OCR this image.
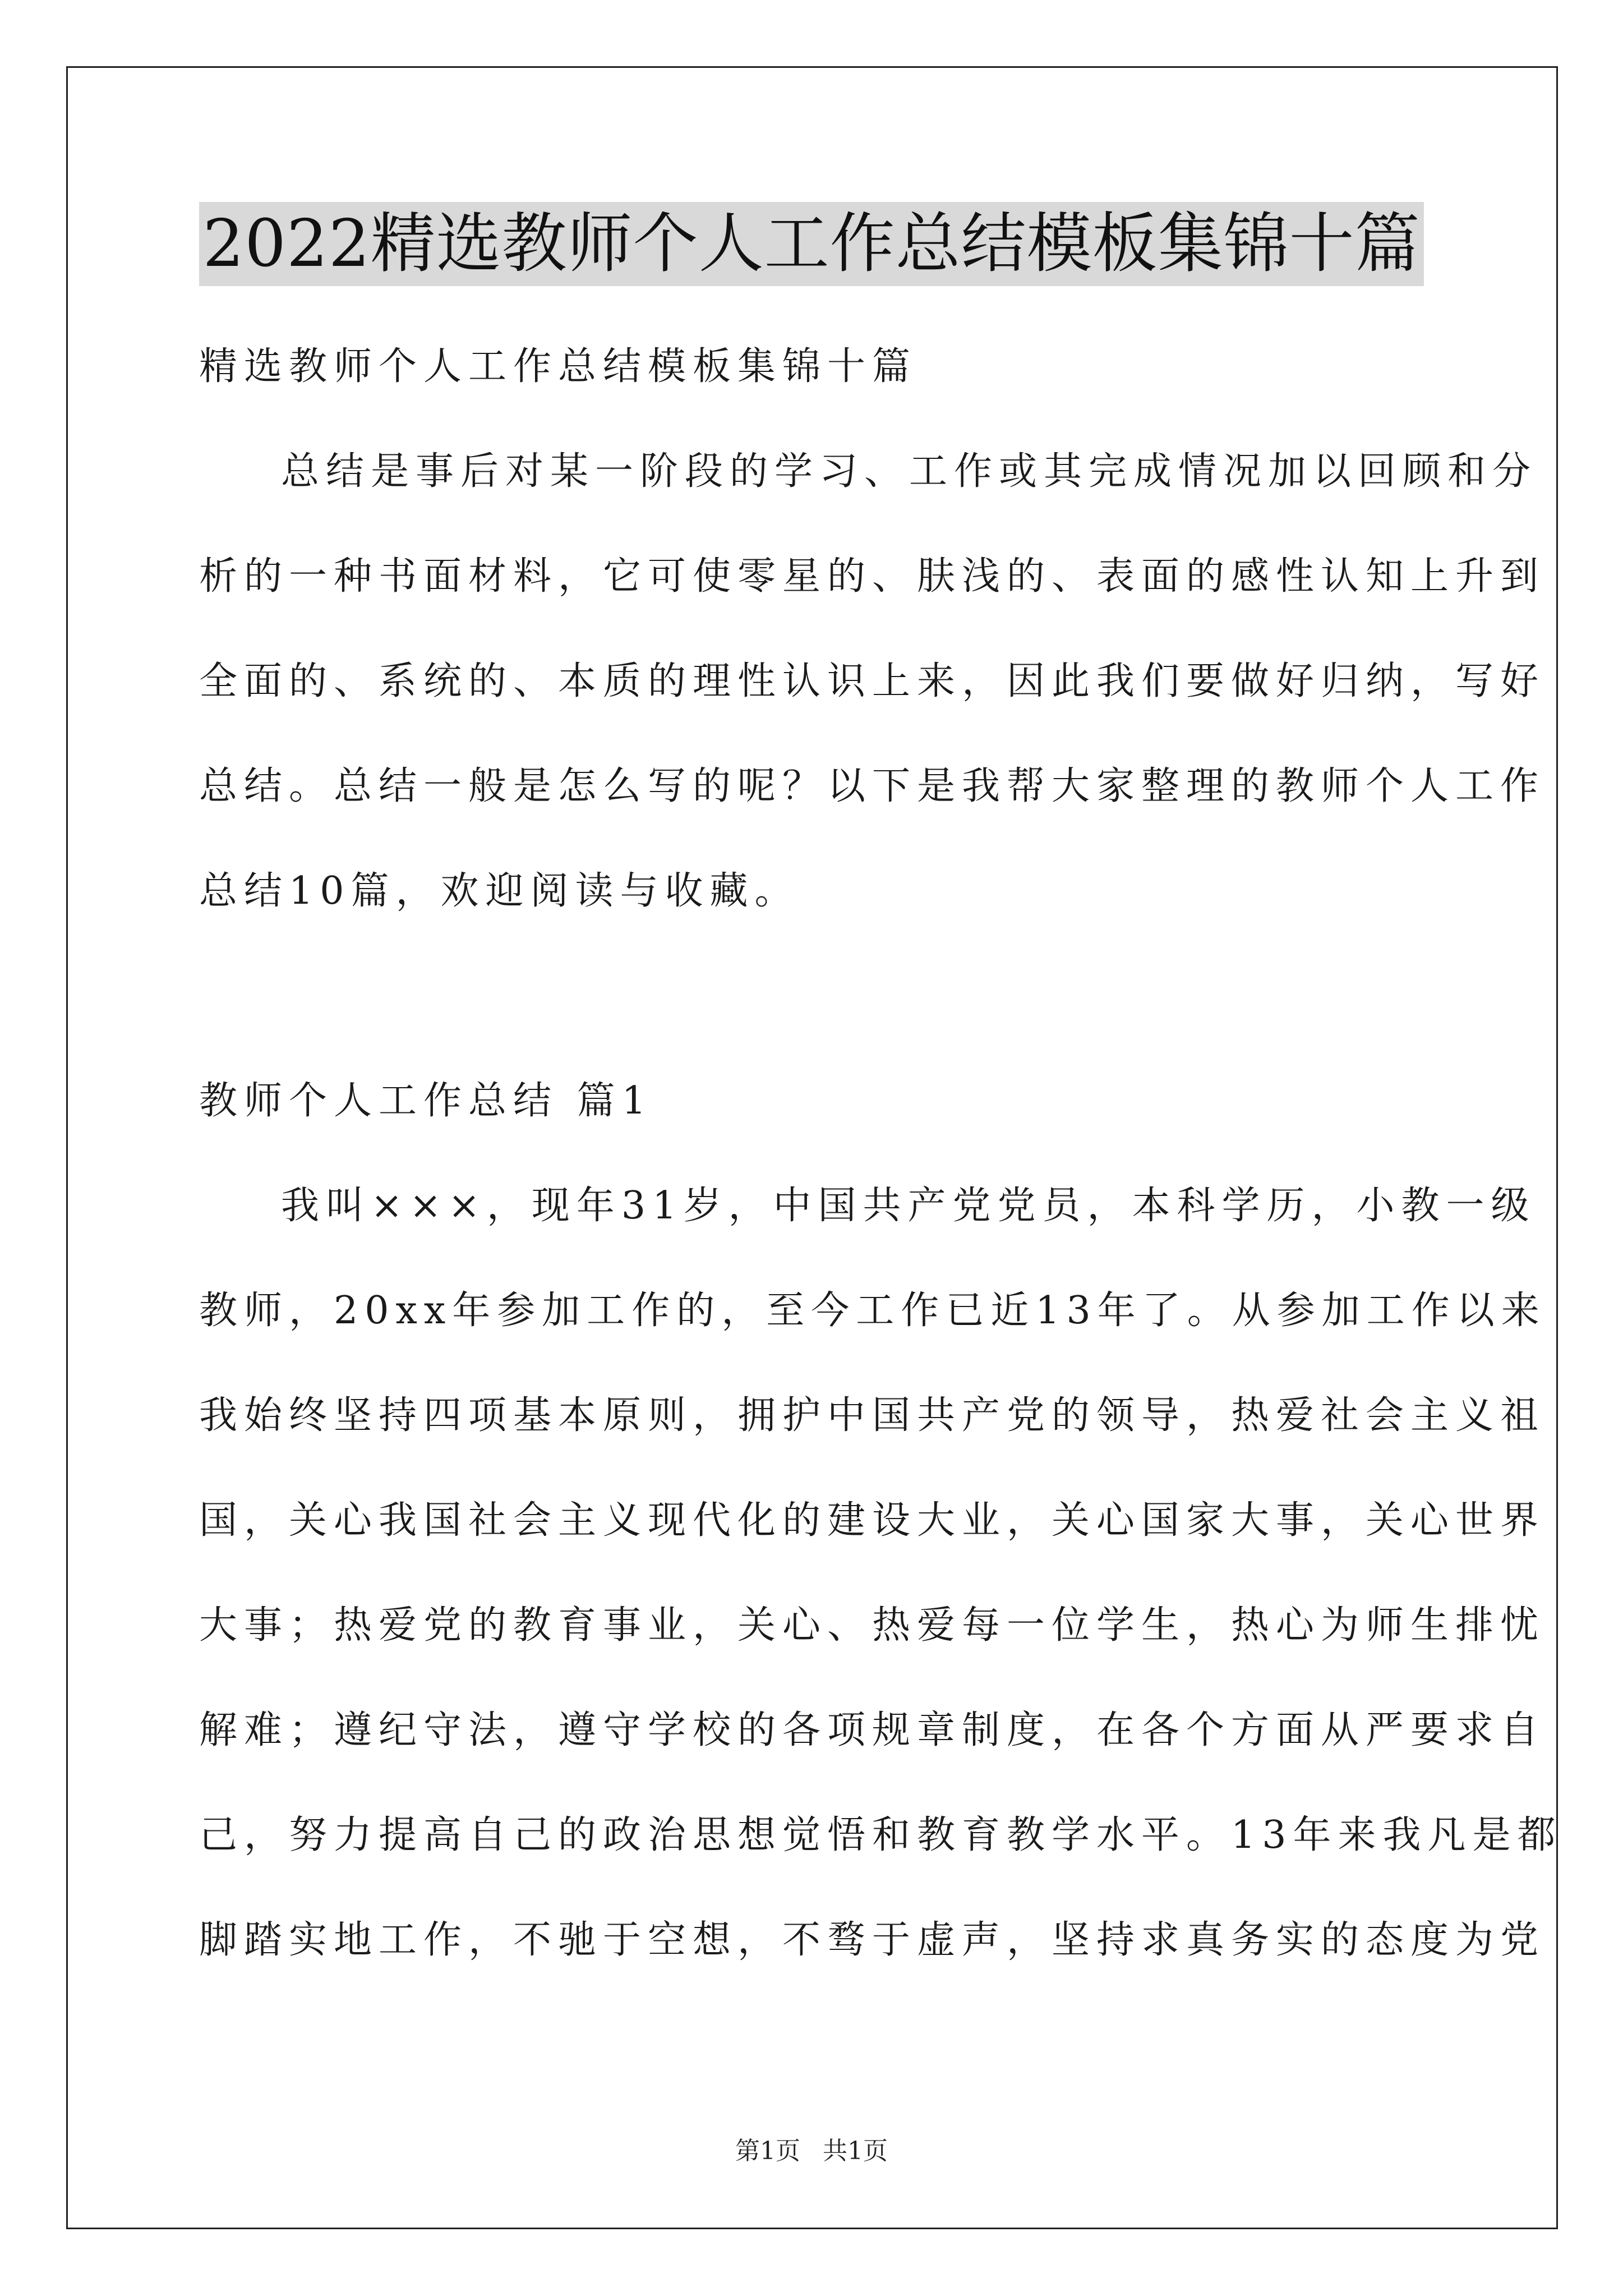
2022精选教师个人工作总结模板集锦十篇
精选教师个人工作总结模板集锦十篇
总结是事后对某一阶段的学习、工作或其完成情况加以回顾和分
析的一种书面材料，它可使零星的、肤浅的、表面的感性认知上升到
全面的、系统的、本质的理性认识上来，因此我们要做好归纳，写好
总结。总结一般是怎么写的呢？以下是我帮大家整理的教师个人工作
总结10篇，欢迎阅读与收藏。
教师个人工作总结 篇1
我叫×××，现年31岁，中国共产党党员，本科学历，小教一级
教师，20xx年参加工作的，至今工作已近13年了。从参加工作以来
我始终坚持四项基本原则，拥护中国共产党的领导，热爱社会主义祖
国，关心我国社会主义现代化的建设大业，关心国家大事，关心世界
大事；热爱党的教育事业，关心、热爱每一位学生，热心为师生排忧
解难；遵纪守法，遵守学校的各项规章制度，在各个方面从严要求自
己，努力提高自己的政治思想觉悟和教育教学水平。13年来我凡是都
脚踏实地工作，不驰于空想，不骛于虚声，坚持求真务实的态度为党
第1页 共1页
